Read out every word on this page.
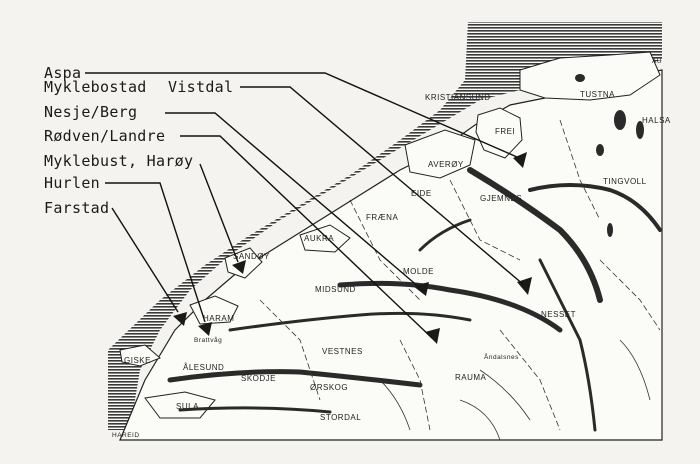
Aspa
Myklebostad Vistdal
Nesje/Berg
Rødven/Landre
Myklebust, Harøy
Hurlen
Farstad
KRISTIANSUND	TUSTNA
HALSA
FREI
AVERØY
TINGVOLL
EIDE
GJEMNES
FRÆNA
AUKRA
SANDØY
MOLDE
MIDSUND
NESSET
HARAM
Brattvåg
GISKE
ÅLESUND
SKODJE
VESTNES
Åndalsnes
RAUMA
SULA
ØRSKOG
STORDAL
HAREID
AU
